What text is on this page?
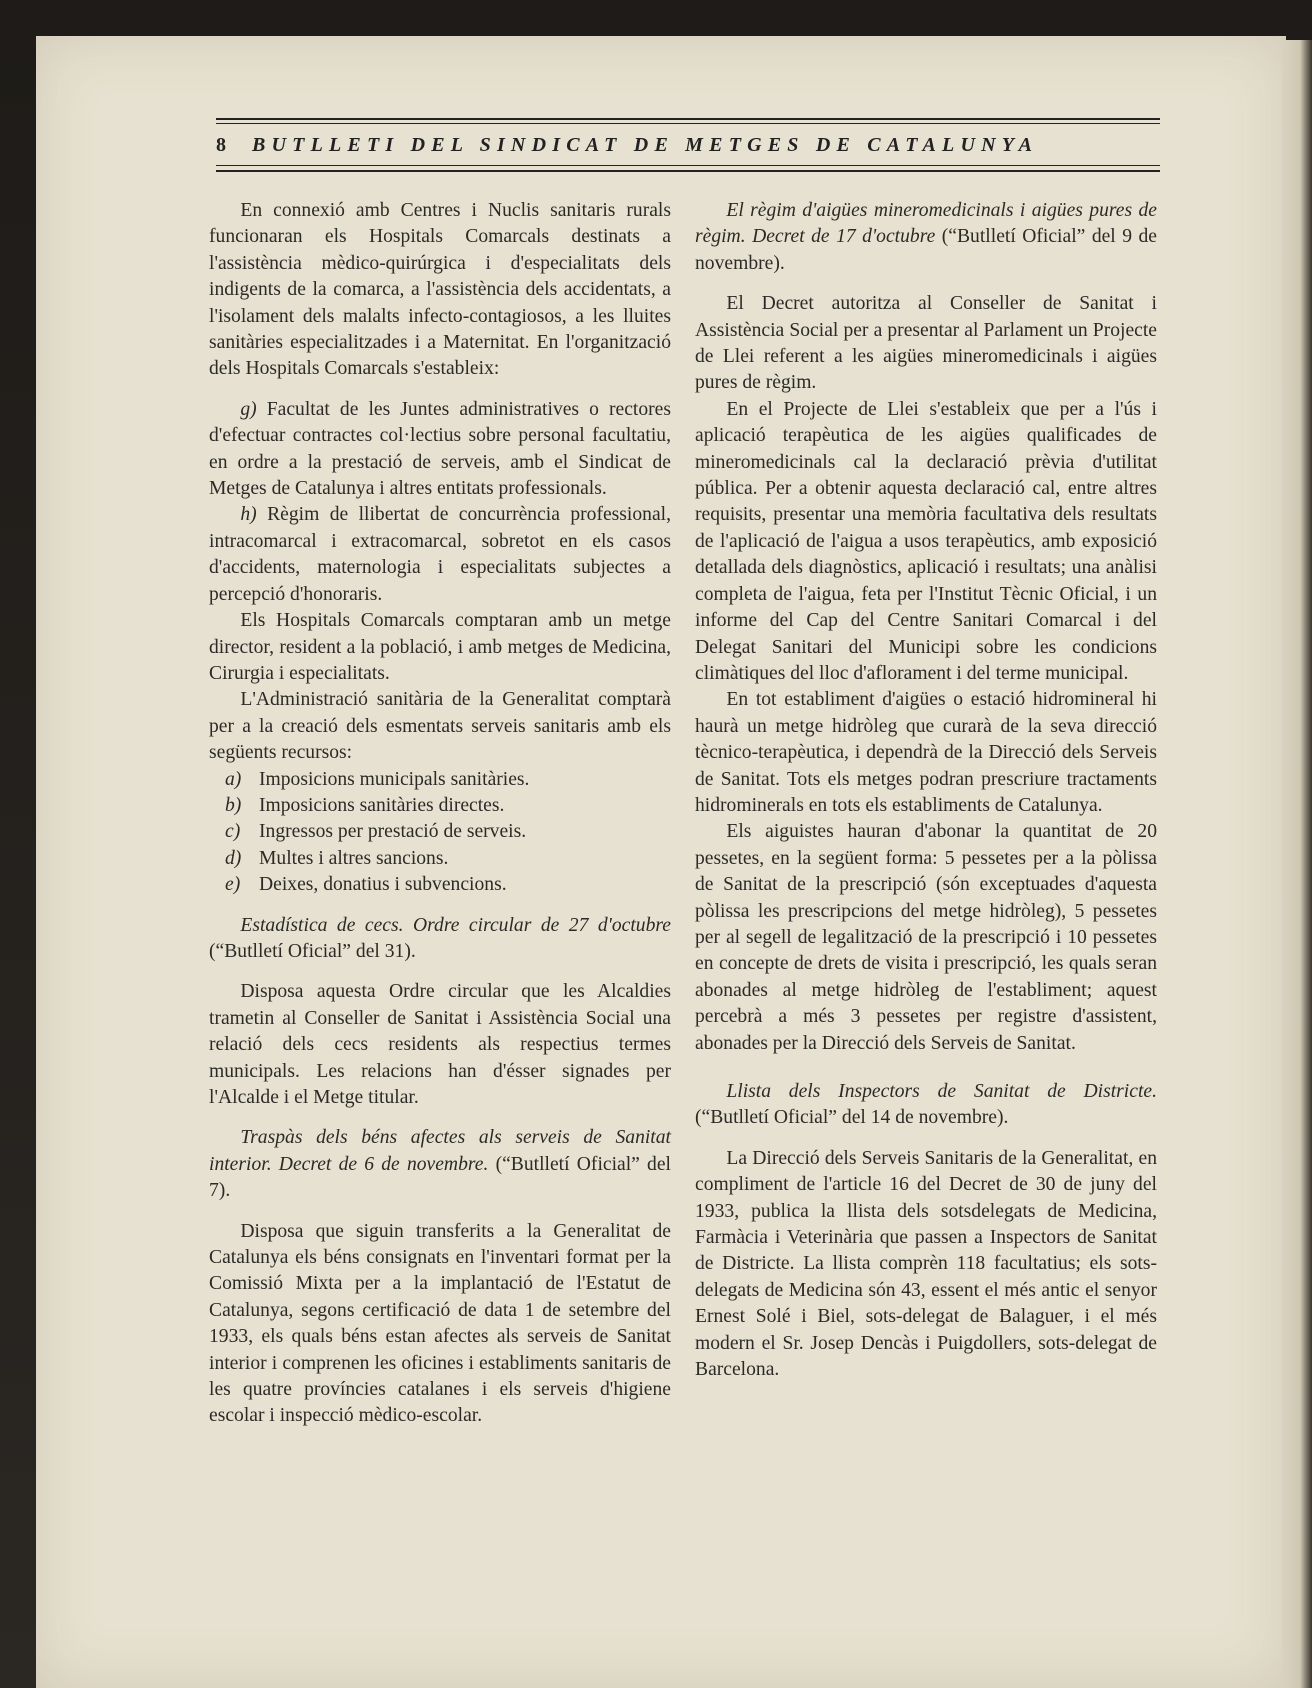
8 BUTLLETI DEL SINDICAT DE METGES DE CATALUNYA

En connexió amb Centres i Nuclis sanitaris rurals funcionaran els Hospitals Comarcals destinats a l'assistència mèdico-quirúrgica i d'especialitats dels indigents de la comarca, a l'assistència dels accidentats, a l'isolament dels malalts infecto-contagiosos, a les lluites sanitàries especialitzades i a Maternitat. En l'organització dels Hospitals Comarcals s'estableix:

g) Facultat de les Juntes administratives o rectores d'efectuar contractes col·lectius sobre personal facultatiu, en ordre a la prestació de serveis, amb el Sindicat de Metges de Catalunya i altres entitats professionals.

h) Règim de llibertat de concurrència professional, intracomarcal i extracomarcal, sobretot en els casos d'accidents, maternologia i especialitats subjectes a percepció d'honoraris.

Els Hospitals Comarcals comptaran amb un metge director, resident a la població, i amb metges de Medicina, Cirurgia i especialitats.

L'Administració sanitària de la Generalitat comptarà per a la creació dels esmentats serveis sanitaris amb els següents recursos:

a) Imposicions municipals sanitàries.
b) Imposicions sanitàries directes.
c) Ingressos per prestació de serveis.
d) Multes i altres sancions.
e) Deixes, donatius i subvencions.

Estadística de cecs. Ordre circular de 27 d'octubre (“Butlletí Oficial” del 31).

Disposa aquesta Ordre circular que les Alcaldies trametin al Conseller de Sanitat i Assistència Social una relació dels cecs residents als respectius termes municipals. Les relacions han d'ésser signades per l'Alcalde i el Metge titular.

Traspàs dels béns afectes als serveis de Sanitat interior. Decret de 6 de novembre. (“Butlletí Oficial” del 7).

Disposa que siguin transferits a la Generalitat de Catalunya els béns consignats en l'inventari format per la Comissió Mixta per a la implantació de l'Estatut de Catalunya, segons certificació de data 1 de setembre del 1933, els quals béns estan afectes als serveis de Sanitat interior i comprenen les oficines i establiments sanitaris de les quatre províncies catalanes i els serveis d'higiene escolar i inspecció mèdico-escolar.

El règim d'aigües mineromedicinals i aigües pures de règim. Decret de 17 d'octubre (“Butlletí Oficial” del 9 de novembre).

El Decret autoritza al Conseller de Sanitat i Assistència Social per a presentar al Parlament un Projecte de Llei referent a les aigües mineromedicinals i aigües pures de règim.

En el Projecte de Llei s'estableix que per a l'ús i aplicació terapèutica de les aigües qualificades de mineromedicinals cal la declaració prèvia d'utilitat pública. Per a obtenir aquesta declaració cal, entre altres requisits, presentar una memòria facultativa dels resultats de l'aplicació de l'aigua a usos terapèutics, amb exposició detallada dels diagnòstics, aplicació i resultats; una anàlisi completa de l'aigua, feta per l'Institut Tècnic Oficial, i un informe del Cap del Centre Sanitari Comarcal i del Delegat Sanitari del Municipi sobre les condicions climàtiques del lloc d'aflorament i del terme municipal.

En tot establiment d'aigües o estació hidromineral hi haurà un metge hidròleg que curarà de la seva direcció tècnico-terapèutica, i dependrà de la Direcció dels Serveis de Sanitat. Tots els metges podran prescriure tractaments hidrominerals en tots els establiments de Catalunya.

Els aiguistes hauran d'abonar la quantitat de 20 pessetes, en la següent forma: 5 pessetes per a la pòlissa de Sanitat de la prescripció (són exceptuades d'aquesta pòlissa les prescripcions del metge hidròleg), 5 pessetes per al segell de legalització de la prescripció i 10 pessetes en concepte de drets de visita i prescripció, les quals seran abonades al metge hidròleg de l'establiment; aquest percebrà a més 3 pessetes per registre d'assistent, abonades per la Direcció dels Serveis de Sanitat.

Llista dels Inspectors de Sanitat de Districte. (“Butlletí Oficial” del 14 de novembre).

La Direcció dels Serveis Sanitaris de la Generalitat, en compliment de l'article 16 del Decret de 30 de juny del 1933, publica la llista dels sotsdelegats de Medicina, Farmàcia i Veterinària que passen a Inspectors de Sanitat de Districte. La llista comprèn 118 facultatius; els sots-delegats de Medicina són 43, essent el més antic el senyor Ernest Solé i Biel, sots-delegat de Balaguer, i el més modern el Sr. Josep Dencàs i Puigdollers, sots-delegat de Barcelona.
